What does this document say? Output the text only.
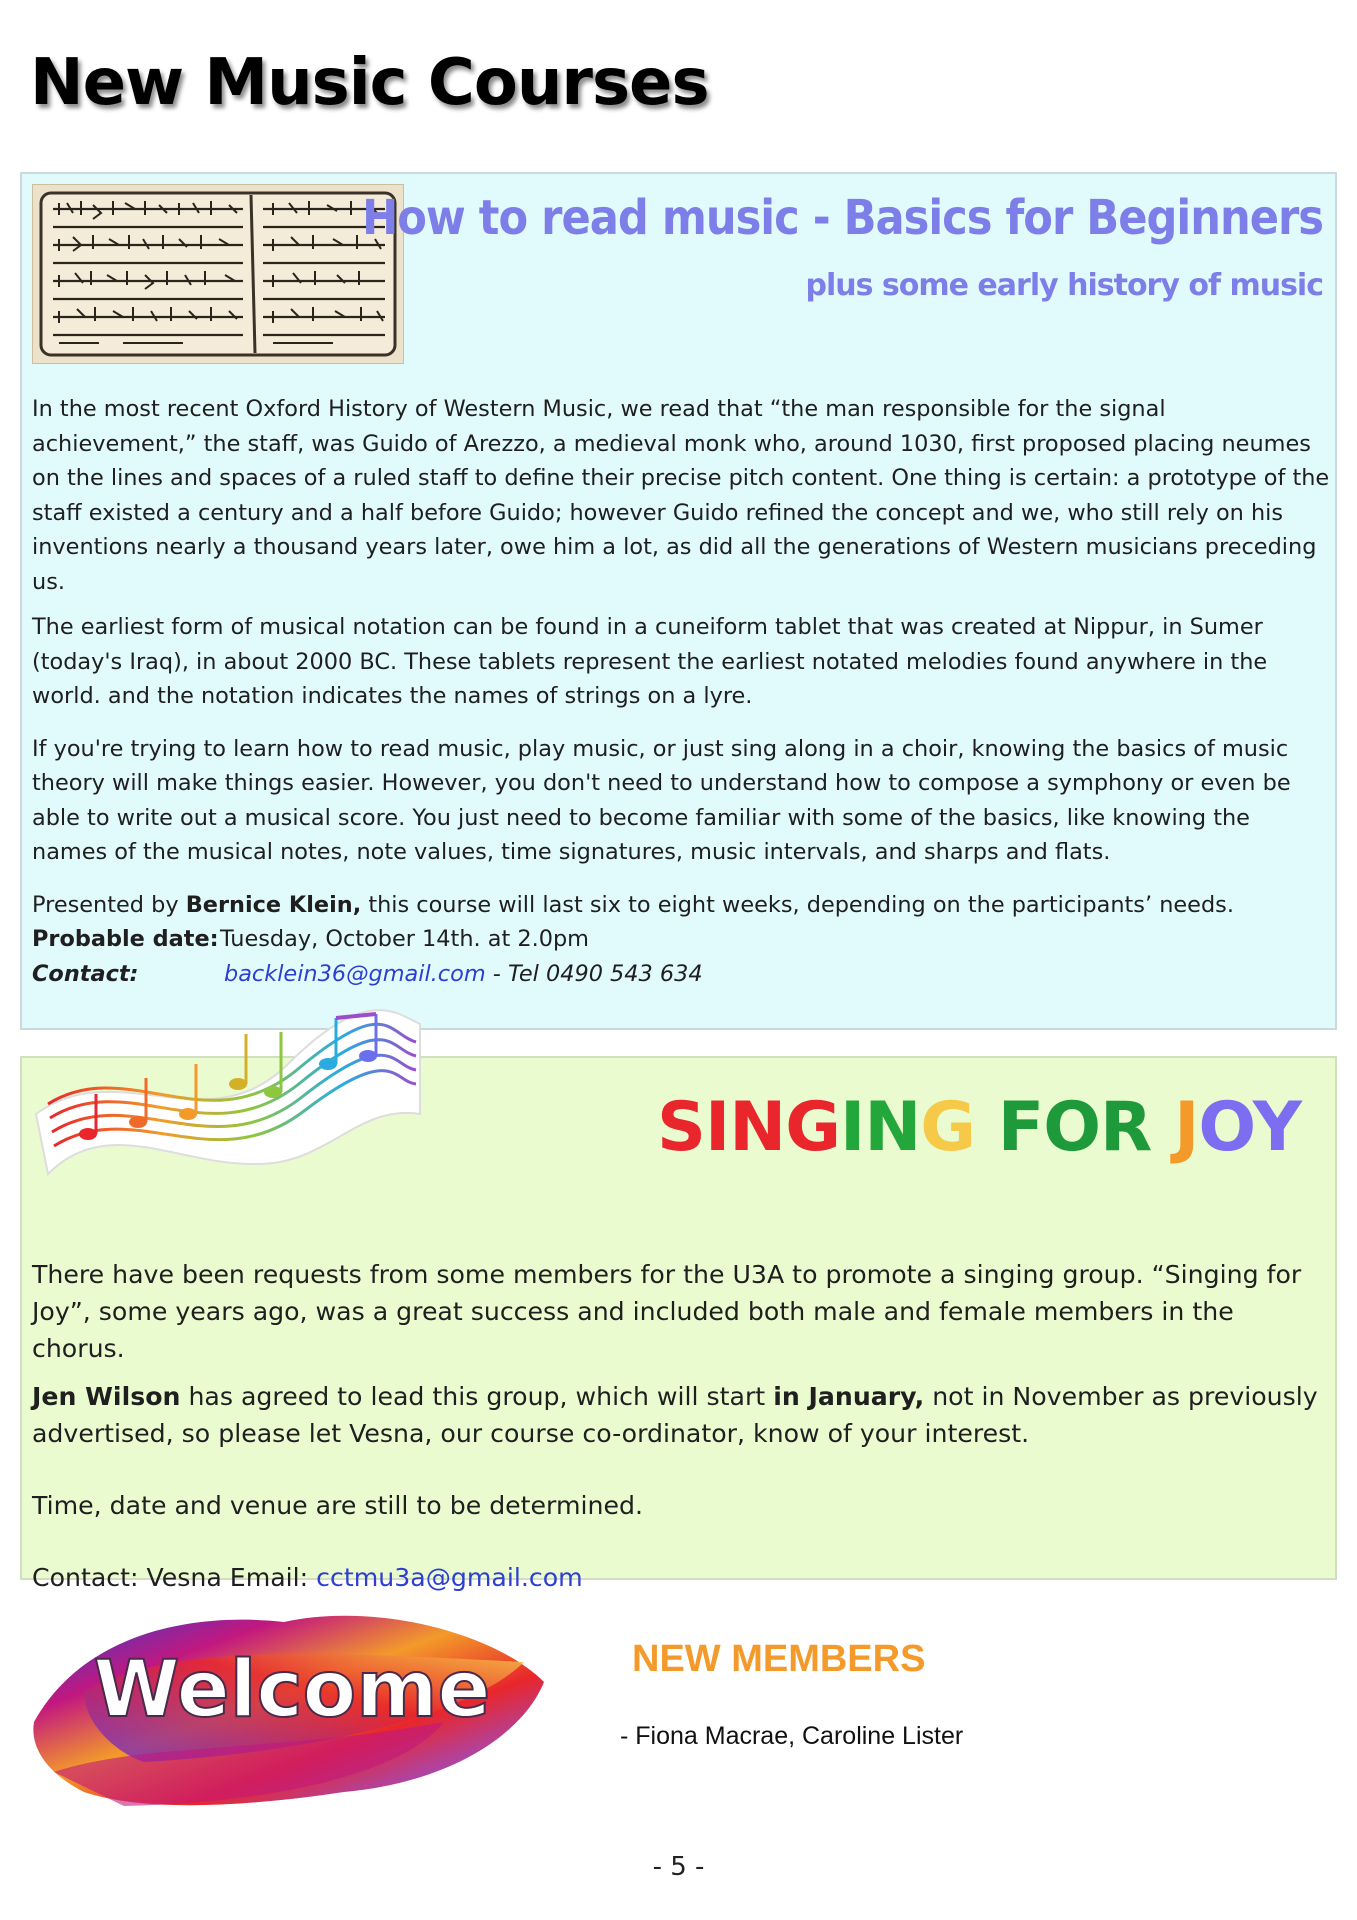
New Music Courses
How to read music - Basics for Beginners
plus some early history of music

In the most recent Oxford History of Western Music, we read that “the man responsible for the signal achievement,” the staff, was Guido of Arezzo, a medieval monk who, around 1030, first proposed placing neumes on the lines and spaces of a ruled staff to define their precise pitch content. One thing is certain: a prototype of the staff existed a century and a half before Guido; however Guido refined the concept and we, who still rely on his inventions nearly a thousand years later, owe him a lot, as did all the generations of Western musicians preceding us.

The earliest form of musical notation can be found in a cuneiform tablet that was created at Nippur, in Sumer (today's Iraq), in about 2000 BC. These tablets represent the earliest notated melodies found anywhere in the world. and the notation indicates the names of strings on a lyre.

If you're trying to learn how to read music, play music, or just sing along in a choir, knowing the basics of music theory will make things easier. However, you don't need to understand how to compose a symphony or even be able to write out a musical score. You just need to become familiar with some of the basics, like knowing the names of the musical notes, note values, time signatures, music intervals, and sharps and flats.

Presented by Bernice Klein, this course will last six to eight weeks, depending on the participants’ needs.

Probable date:Tuesday, October 14th. at 2.0pm

Contact:	backlein36@gmail.com - Tel 0490 543 634

SINGING FOR JOY

There have been requests from some members for the U3A to promote a singing group. “Singing for Joy”, some years ago, was a great success and included both male and female members in the chorus.

Jen Wilson has agreed to lead this group, which will start in January, not in November as previously advertised, so please let Vesna, our course co-ordinator, know of your interest.

Time, date and venue are still to be determined.

Contact: Vesna Email: cctmu3a@gmail.com

Welcome	NEW MEMBERS

- Fiona Macrae, Caroline Lister

- 5 -
